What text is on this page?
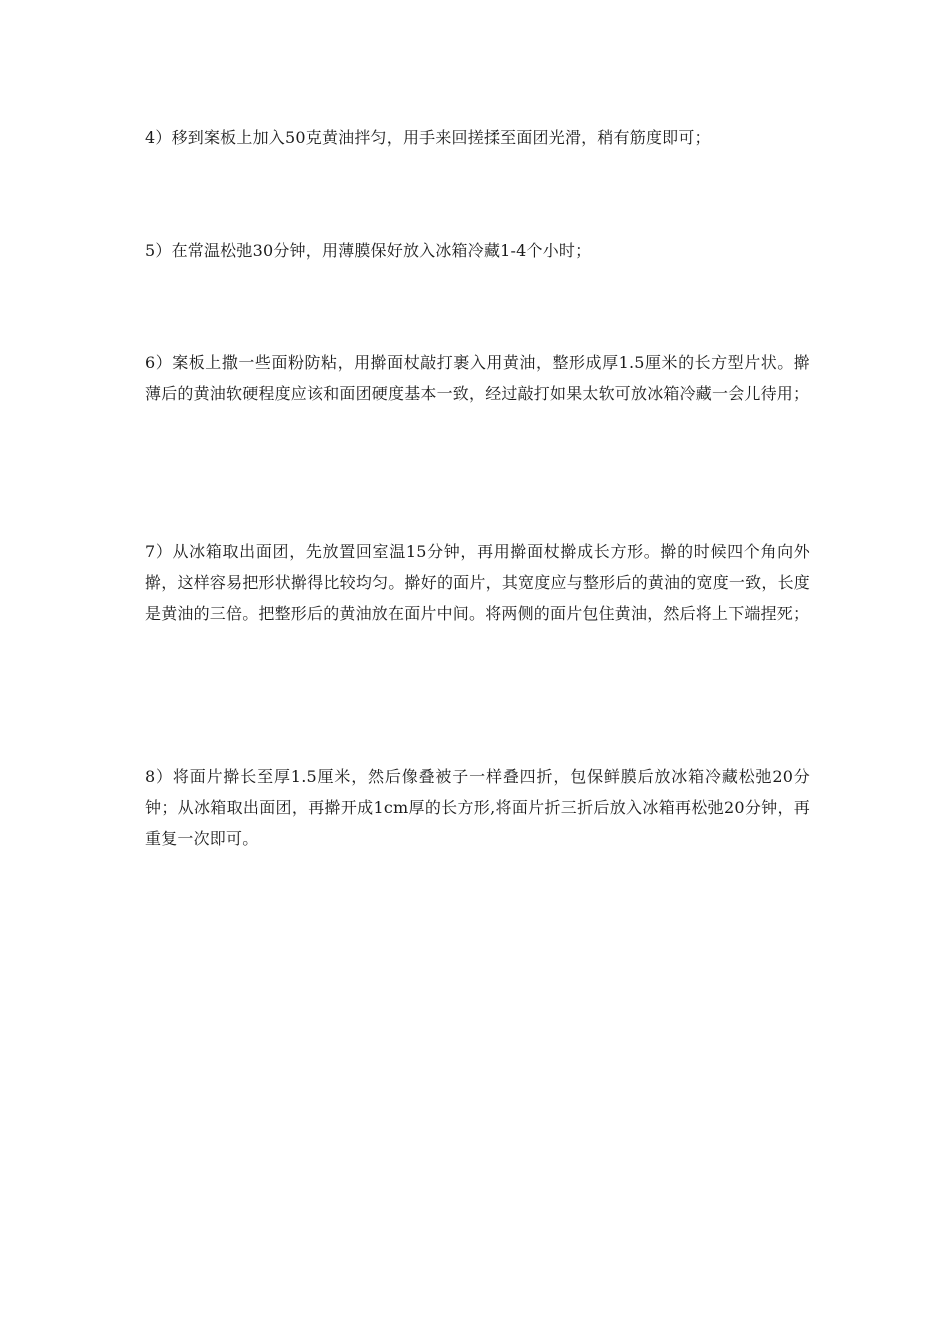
4）移到案板上加入50克黄油拌匀，用手来回搓揉至面团光滑，稍有筋度即可；

5）在常温松弛30分钟，用薄膜保好放入冰箱冷藏1-4个小时；

6）案板上撒一些面粉防粘，用擀面杖敲打裹入用黄油，整形成厚1.5厘米的长方型片状。擀薄后的黄油软硬程度应该和面团硬度基本一致，经过敲打如果太软可放冰箱冷藏一会儿待用；

7）从冰箱取出面团，先放置回室温15分钟，再用擀面杖擀成长方形。擀的时候四个角向外擀，这样容易把形状擀得比较均匀。擀好的面片，其宽度应与整形后的黄油的宽度一致，长度是黄油的三倍。把整形后的黄油放在面片中间。将两侧的面片包住黄油，然后将上下端捏死；

8）将面片擀长至厚1.5厘米，然后像叠被子一样叠四折，包保鲜膜后放冰箱冷藏松弛20分钟；从冰箱取出面团，再擀开成1cm厚的长方形,将面片折三折后放入冰箱再松弛20分钟，再重复一次即可。
